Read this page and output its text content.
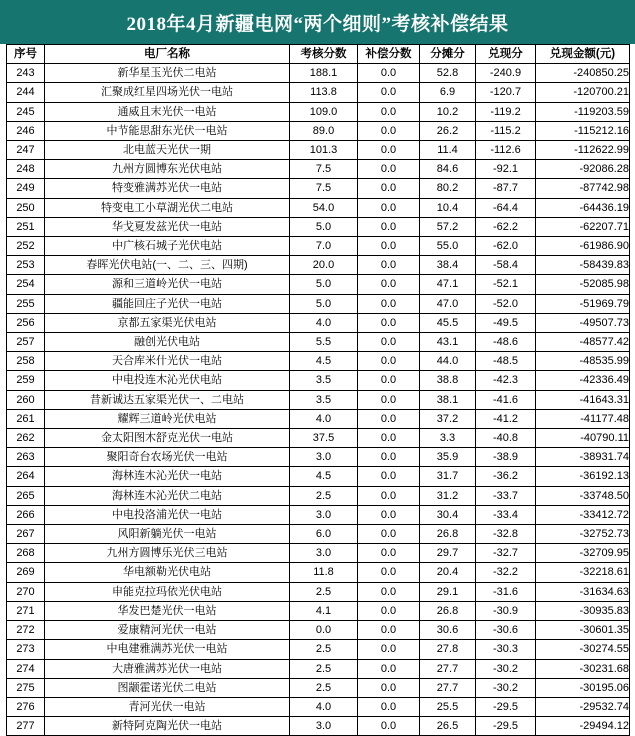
2018年4月新疆电网“两个细则”考核补偿结果
序号	电厂名称	考核分数	补偿分数	分摊分	兑现分	兑现金额(元)
243	新华星玉光伏二电站	188.1	0.0	52.8	-240.9	-240850.25
244	汇聚成红星四场光伏一电站	113.8	0.0	6.9	-120.7	-120700.21
245	通威且末光伏一电站	109.0	0.0	10.2	-119.2	-119203.59
246	中节能思甜东光伏一电站	89.0	0.0	26.2	-115.2	-115212.16
247	北电蓝天光伏一期	101.3	0.0	11.4	-112.6	-112622.99
248	九州方圆博东光伏电站	7.5	0.0	84.6	-92.1	-92086.28
249	特变雅满苏光伏一电站	7.5	0.0	80.2	-87.7	-87742.98
250	特变电工小草湖光伏二电站	54.0	0.0	10.4	-64.4	-64436.19
251	华戈夏发兹光伏一电站	5.0	0.0	57.2	-62.2	-62207.71
252	中广核石城子光伏电站	7.0	0.0	55.0	-62.0	-61986.90
253	春晖光伏电站(一、二、三、四期)	20.0	0.0	38.4	-58.4	-58439.83
254	源和三道岭光伏一电站	5.0	0.0	47.1	-52.1	-52085.98
255	疆能回庄子光伏一电站	5.0	0.0	47.0	-52.0	-51969.79
256	京都五家渠光伏电站	4.0	0.0	45.5	-49.5	-49507.73
257	融创光伏电站	5.5	0.0	43.1	-48.6	-48577.42
258	天合库米什光伏一电站	4.5	0.0	44.0	-48.5	-48535.99
259	中电投连木沁光伏电站	3.5	0.0	38.8	-42.3	-42336.49
260	昔新诚达五家渠光伏一、二电站	3.5	0.0	38.1	-41.6	-41643.31
261	耀辉三道岭光伏电站	4.0	0.0	37.2	-41.2	-41177.48
262	金太阳图木舒克光伏一电站	37.5	0.0	3.3	-40.8	-40790.11
263	聚阳奇台农场光伏一电站	3.0	0.0	35.9	-38.9	-38931.74
264	海林连木沁光伏一电站	4.5	0.0	31.7	-36.2	-36192.13
265	海林连木沁光伏二电站	2.5	0.0	31.2	-33.7	-33748.50
266	中电投洛浦光伏一电站	3.0	0.0	30.4	-33.4	-33412.72
267	风阳新躺光伏一电站	6.0	0.0	26.8	-32.8	-32752.73
268	九州方圆博乐光伏三电站	3.0	0.0	29.7	-32.7	-32709.95
269	华电额勒光伏电站	11.8	0.0	20.4	-32.2	-32218.61
270	申能克拉玛依光伏电站	2.5	0.0	29.1	-31.6	-31634.63
271	华发巴楚光伏一电站	4.1	0.0	26.8	-30.9	-30935.83
272	爱康精河光伏一电站	0.0	0.0	30.6	-30.6	-30601.35
273	中电建雅满苏光伏一电站	2.5	0.0	27.8	-30.3	-30274.55
274	大唐雅满苏光伏一电站	2.5	0.0	27.7	-30.2	-30231.68
275	图颛霍诺光伏二电站	2.5	0.0	27.7	-30.2	-30195.06
276	青河光伏一电站	4.0	0.0	25.5	-29.5	-29532.74
277	新特阿克陶光伏一电站	3.0	0.0	26.5	-29.5	-29494.12
